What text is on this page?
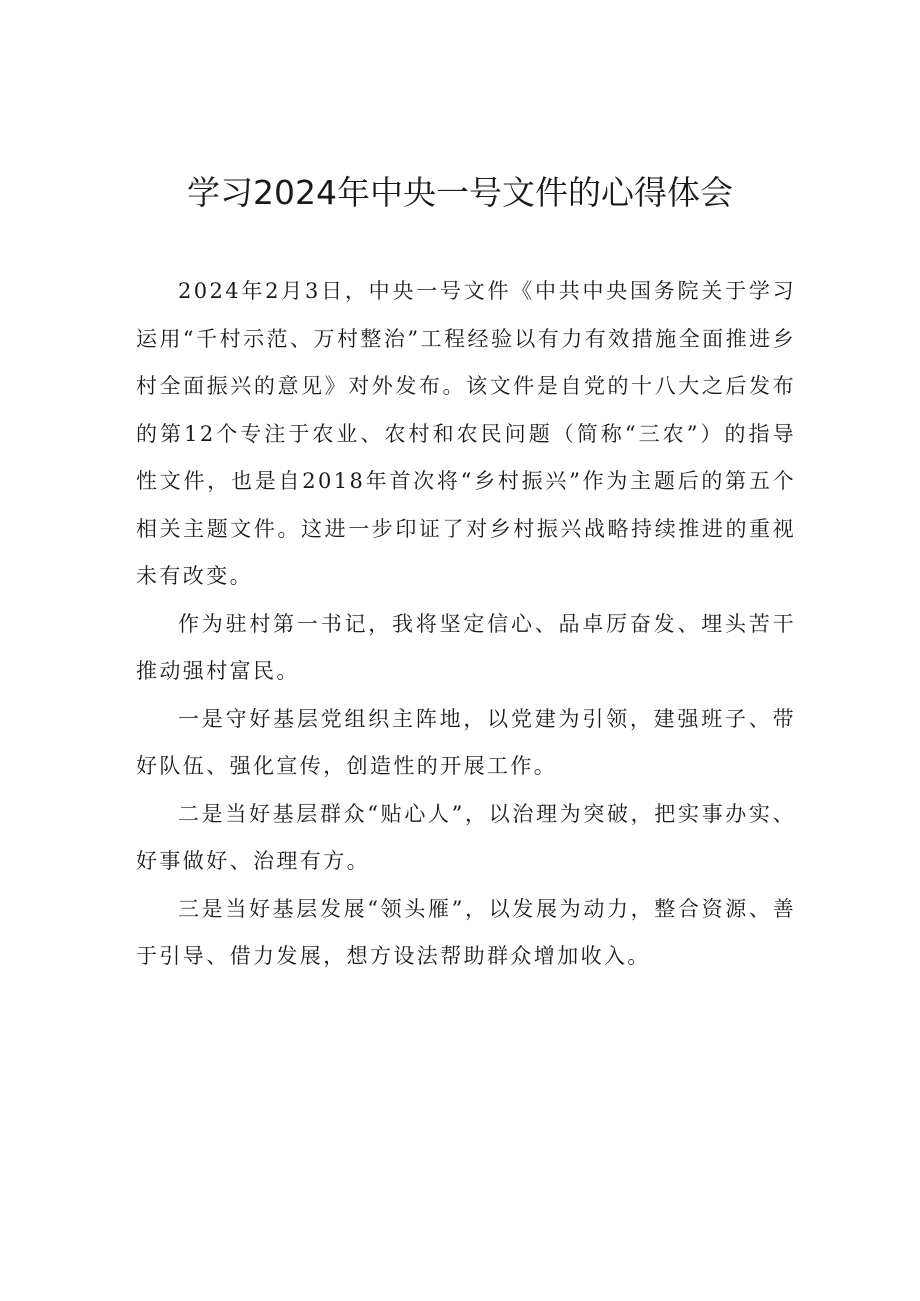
学习2024年中央一号文件的心得体会

2024年2月3日，中央一号文件《中共中央国务院关于学习运用“千村示范、万村整治”工程经验以有力有效措施全面推进乡村全面振兴的意见》对外发布。该文件是自党的十八大之后发布的第12个专注于农业、农村和农民问题（简称“三农”）的指导性文件，也是自2018年首次将“乡村振兴”作为主题后的第五个相关主题文件。这进一步印证了对乡村振兴战略持续推进的重视未有改变。

作为驻村第一书记，我将坚定信心、品卓厉奋发、埋头苦干推动强村富民。

一是守好基层党组织主阵地，以党建为引领，建强班子、带好队伍、强化宣传，创造性的开展工作。

二是当好基层群众“贴心人”，以治理为突破，把实事办实、好事做好、治理有方。

三是当好基层发展“领头雁”，以发展为动力，整合资源、善于引导、借力发展，想方设法帮助群众增加收入。
